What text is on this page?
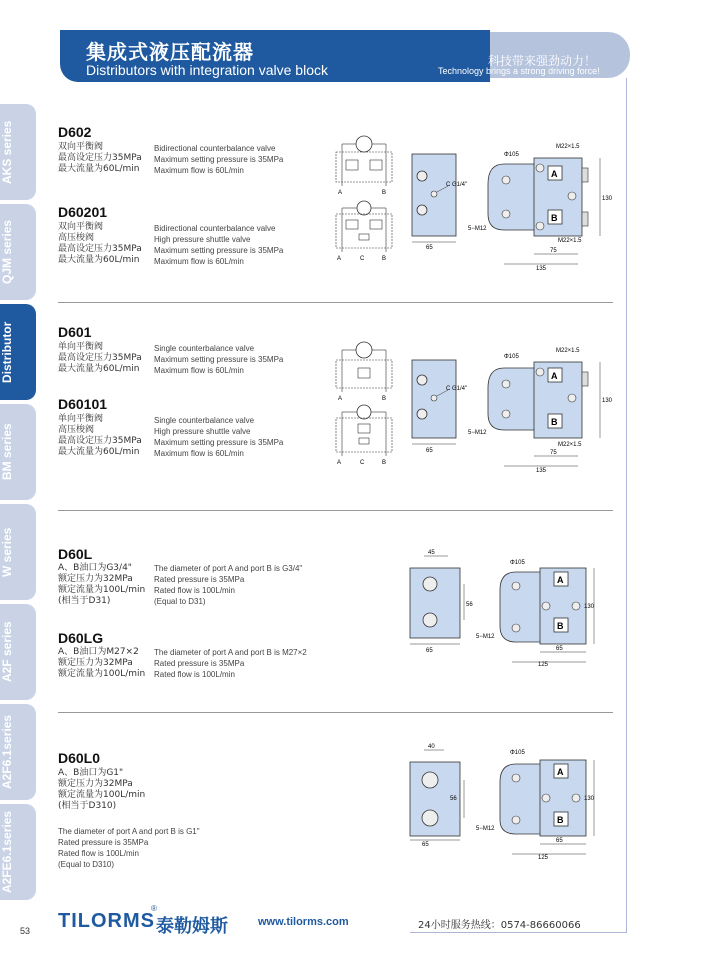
集成式液压配流器
Distributors with integration valve block
科技带来强劲动力！
Technology brings a strong driving force!
AKS series
QJM series
Distributor
BM series
W series
A2F series
A2F6.1series
A2FE6.1series
D602
双向平衡阀
最高设定压力35MPa
最大流量为60L/min
Bidirectional counterbalance valve
Maximum setting pressure is 35MPa
Maximum flow is 60L/min
D60201
双向平衡阀
高压梭阀
最高设定压力35MPa
最大流量为60L/min
Bidirectional counterbalance valve
High pressure shuttle valve
Maximum setting pressure is 35MPa
Maximum flow is 60L/min
A	B
A	C	B
C G1/4"
65
A
B
Φ105
M22×1.5
5−M12
M22×1.5
130
75
135
D601
单向平衡阀
最高设定压力35MPa
最大流量为60L/min
Single counterbalance valve
Maximum setting pressure is 35MPa
Maximum flow is 60L/min
D60101
单向平衡阀
高压梭阀
最高设定压力35MPa
最大流量为60L/min
Single counterbalance valve
High pressure shuttle valve
Maximum setting pressure is 35MPa
Maximum flow is 60L/min
A	B
A	C	B
C G1/4"
65
A
B
Φ105
M22×1.5
5−M12
M22×1.5
130
75
135
D60L
A、B油口为G3/4"
额定压力为32MPa
额定流量为100L/min
(相当于D31)
The diameter of port A and port B is G3/4"
Rated pressure is 35MPa
Rated flow is 100L/min
(Equal to D31)
D60LG
A、B油口为M27×2
额定压力为32MPa
额定流量为100L/min
The diameter of port A and port B is M27×2
Rated pressure is 35MPa
Rated flow is 100L/min
45
56
65
A
B
Φ105
5−M12
130
65
125
D60L0
A、B油口为G1"
额定压力为32MPa
额定流量为100L/min
(相当于D310)
The diameter of port A and port B is G1"
Rated pressure is 35MPa
Rated flow is 100L/min
(Equal to D310)
40
56
65
A
B
Φ105
5−M12
130
65
125
53 TILORMS
®
泰勒姆斯	www.tilorms.com	24小时服务热线：0574-86660066
